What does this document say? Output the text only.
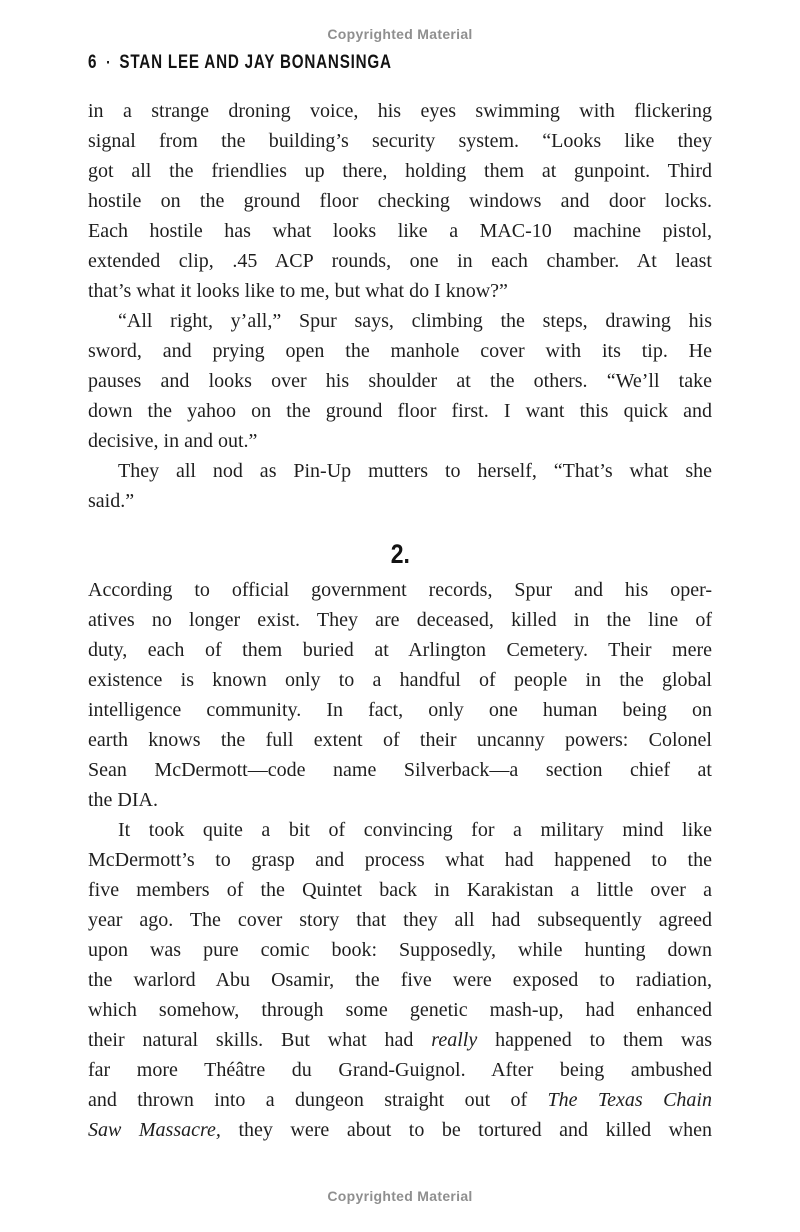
Copyrighted Material
6 · STAN LEE AND JAY BONANSINGA
in a strange droning voice, his eyes swimming with flickering
signal from the building’s security system. “Looks like they
got all the friendlies up there, holding them at gunpoint. Third
hostile on the ground floor checking windows and door locks.
Each hostile has what looks like a MAC-10 machine pistol,
extended clip, .45 ACP rounds, one in each chamber. At least
that’s what it looks like to me, but what do I know?”
“All right, y’all,” Spur says, climbing the steps, drawing his
sword, and prying open the manhole cover with its tip. He
pauses and looks over his shoulder at the others. “We’ll take
down the yahoo on the ground floor first. I want this quick and
decisive, in and out.”
They all nod as Pin-Up mutters to herself, “That’s what she
said.”
2.
According to official government records, Spur and his oper-
atives no longer exist. They are deceased, killed in the line of
duty, each of them buried at Arlington Cemetery. Their mere
existence is known only to a handful of people in the global
intelligence community. In fact, only one human being on
earth knows the full extent of their uncanny powers: Colonel
Sean McDermott—code name Silverback—a section chief at
the DIA.
It took quite a bit of convincing for a military mind like
McDermott’s to grasp and process what had happened to the
five members of the Quintet back in Karakistan a little over a
year ago. The cover story that they all had subsequently agreed
upon was pure comic book: Supposedly, while hunting down
the warlord Abu Osamir, the five were exposed to radiation,
which somehow, through some genetic mash-up, had enhanced
their natural skills. But what had really happened to them was
far more Théâtre du Grand-Guignol. After being ambushed
and thrown into a dungeon straight out of The Texas Chain
Saw Massacre, they were about to be tortured and killed when
Copyrighted Material
